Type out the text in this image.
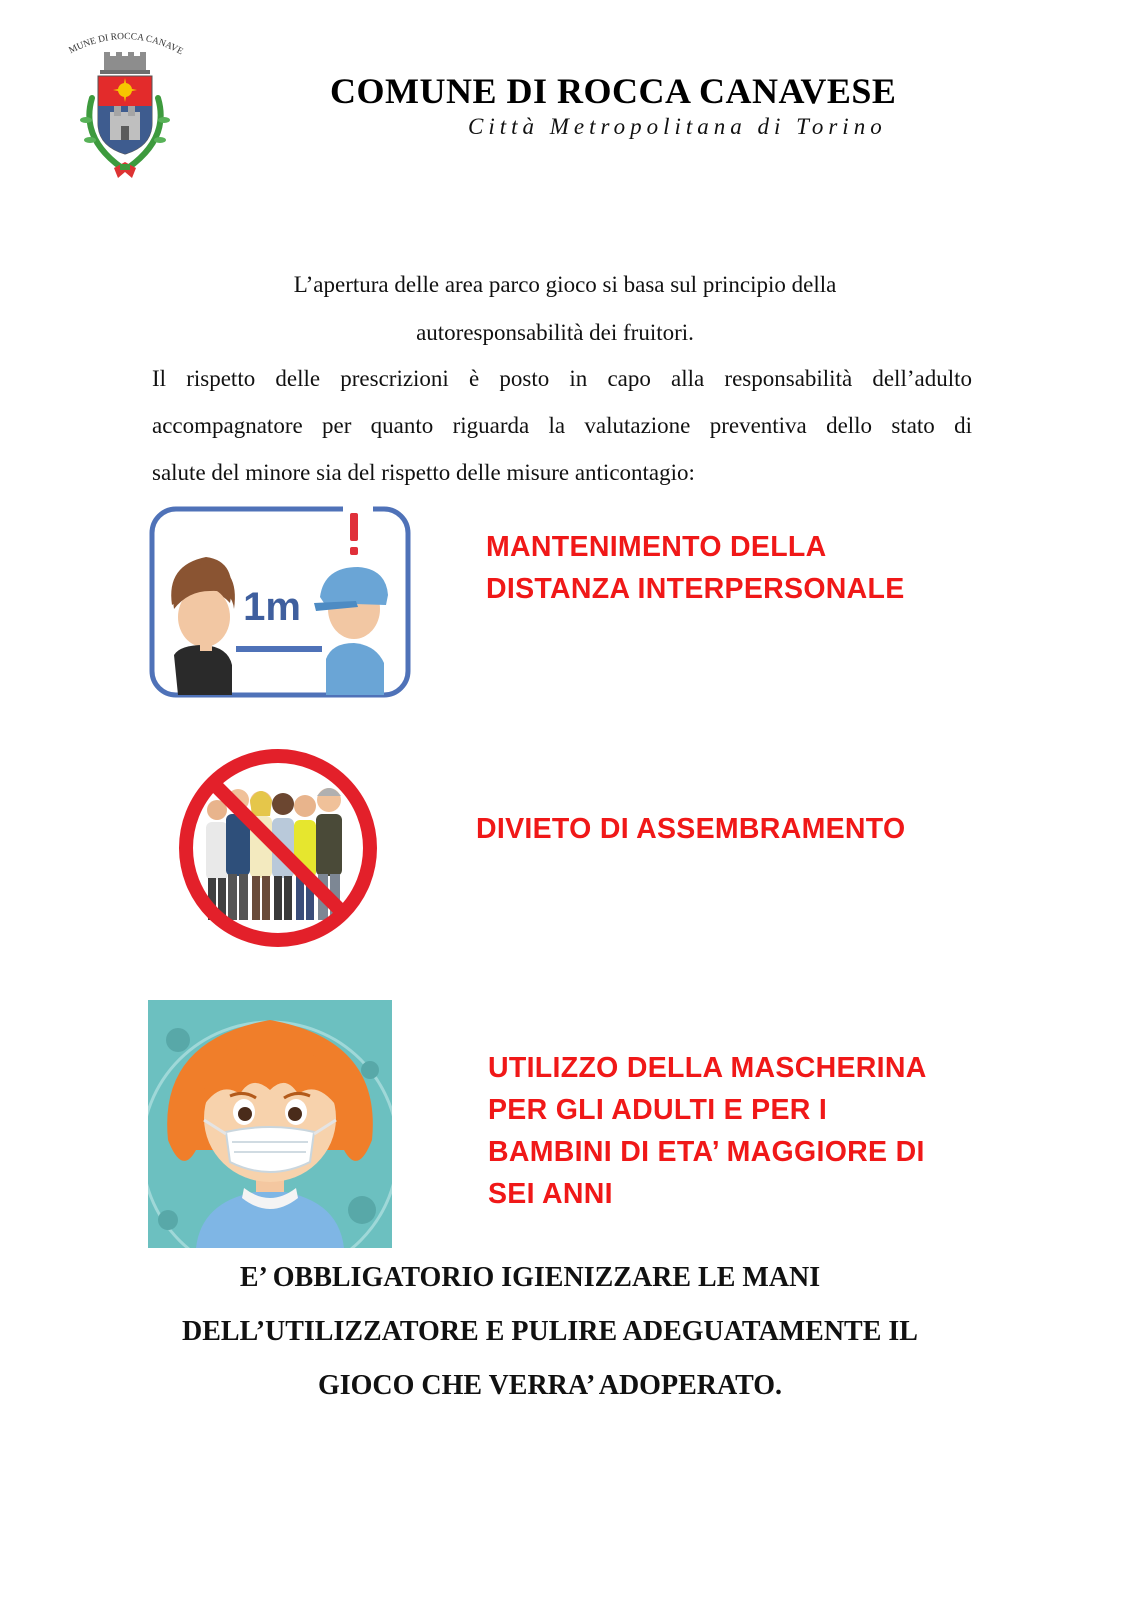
MUNE DI ROCCA CANAVE
COMUNE DI ROCCA CANAVESE
Città Metropolitana di Torino
L’apertura delle area parco gioco si basa sul principio della
autoresponsabilità dei fruitori.
Il rispetto delle prescrizioni è posto in capo alla responsabilità dell’adulto
accompagnatore per quanto riguarda la valutazione preventiva dello stato di
salute del minore sia del rispetto delle misure anticontagio:
1m
MANTENIMENTO DELLA
DISTANZA INTERPERSONALE
DIVIETO DI ASSEMBRAMENTO
UTILIZZO DELLA MASCHERINA
PER GLI ADULTI E PER I
BAMBINI DI ETA’ MAGGIORE DI
SEI ANNI
E’ OBBLIGATORIO IGIENIZZARE LE MANI
DELL’UTILIZZATORE E PULIRE ADEGUATAMENTE IL
GIOCO CHE VERRA’ ADOPERATO.
